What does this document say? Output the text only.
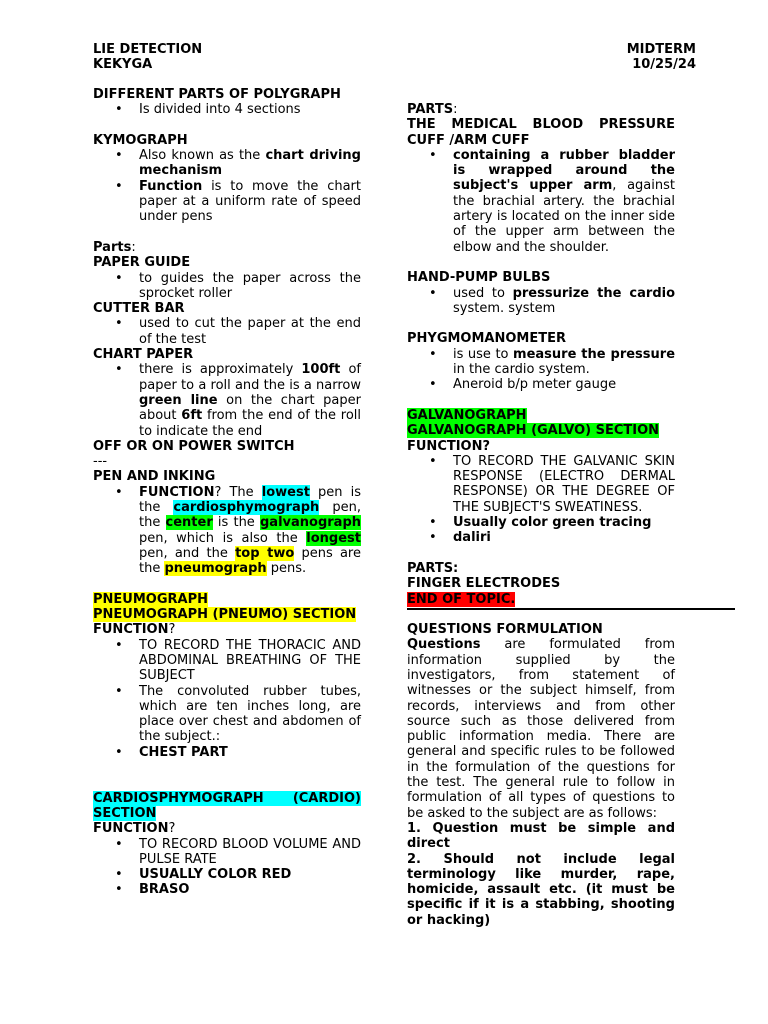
LIE DETECTION
KEKYGA
MIDTERM
10/25/24

DIFFERENT PARTS OF POLYGRAPH

• Is divided into 4 sections

KYMOGRAPH

• Also known as the chart driving mechanism
• Function is to move the chart paper at a uniform rate of speed under pens

Parts:

PAPER GUIDE

• to guides the paper across the sprocket roller

CUTTER BAR

• used to cut the paper at the end of the test

CHART PAPER

• there is approximately 100ft of paper to a roll and the is a narrow green line on the chart paper about 6ft from the end of the roll to indicate the end

OFF OR ON POWER SWITCH

---

PEN AND INKING

• FUNCTION? The lowest pen is the cardiosphymograph pen, the center is the galvanograph pen, which is also the longest pen, and the top two pens are the pneumograph pens.

PNEUMOGRAPH

PNEUMOGRAPH (PNEUMO) SECTION

FUNCTION?

• TO RECORD THE THORACIC AND ABDOMINAL BREATHING OF THE SUBJECT
• The convoluted rubber tubes, which are ten inches long, are place over chest and abdomen of the subject.:
• CHEST PART
CARDIOSPHYMOGRAPH (CARDIO)

SECTION

FUNCTION?

• TO RECORD BLOOD VOLUME AND PULSE RATE
• USUALLY COLOR RED
• BRASO

PARTS:

THE MEDICAL BLOOD PRESSURE CUFF /ARM CUFF

• containing a rubber bladder is wrapped around the subject's upper arm, against the brachial artery. the brachial artery is located on the inner side of the upper arm between the elbow and the shoulder.

HAND-PUMP BULBS

• used to pressurize the cardio system. system

PHYGMOMANOMETER

• is use to measure the pressure in the cardio system.
• Aneroid b/p meter gauge

GALVANOGRAPH

GALVANOGRAPH (GALVO) SECTION

FUNCTION?

• TO RECORD THE GALVANIC SKIN RESPONSE (ELECTRO DERMAL RESPONSE) OR THE DEGREE OF THE SUBJECT'S SWEATINESS.
• Usually color green tracing
• daliri

PARTS:

FINGER ELECTRODES

END OF TOPIC.

QUESTIONS FORMULATION

Questions are formulated from information supplied by the investigators, from statement of witnesses or the subject himself, from records, interviews and from other source such as those delivered from public information media. There are general and specific rules to be followed in the formulation of the questions for the test. The general rule to follow in formulation of all types of questions to be asked to the subject are as follows:

1. Question must be simple and direct

2. Should not include legal terminology like murder, rape, homicide, assault etc. (it must be specific if it is a stabbing, shooting or hacking)
